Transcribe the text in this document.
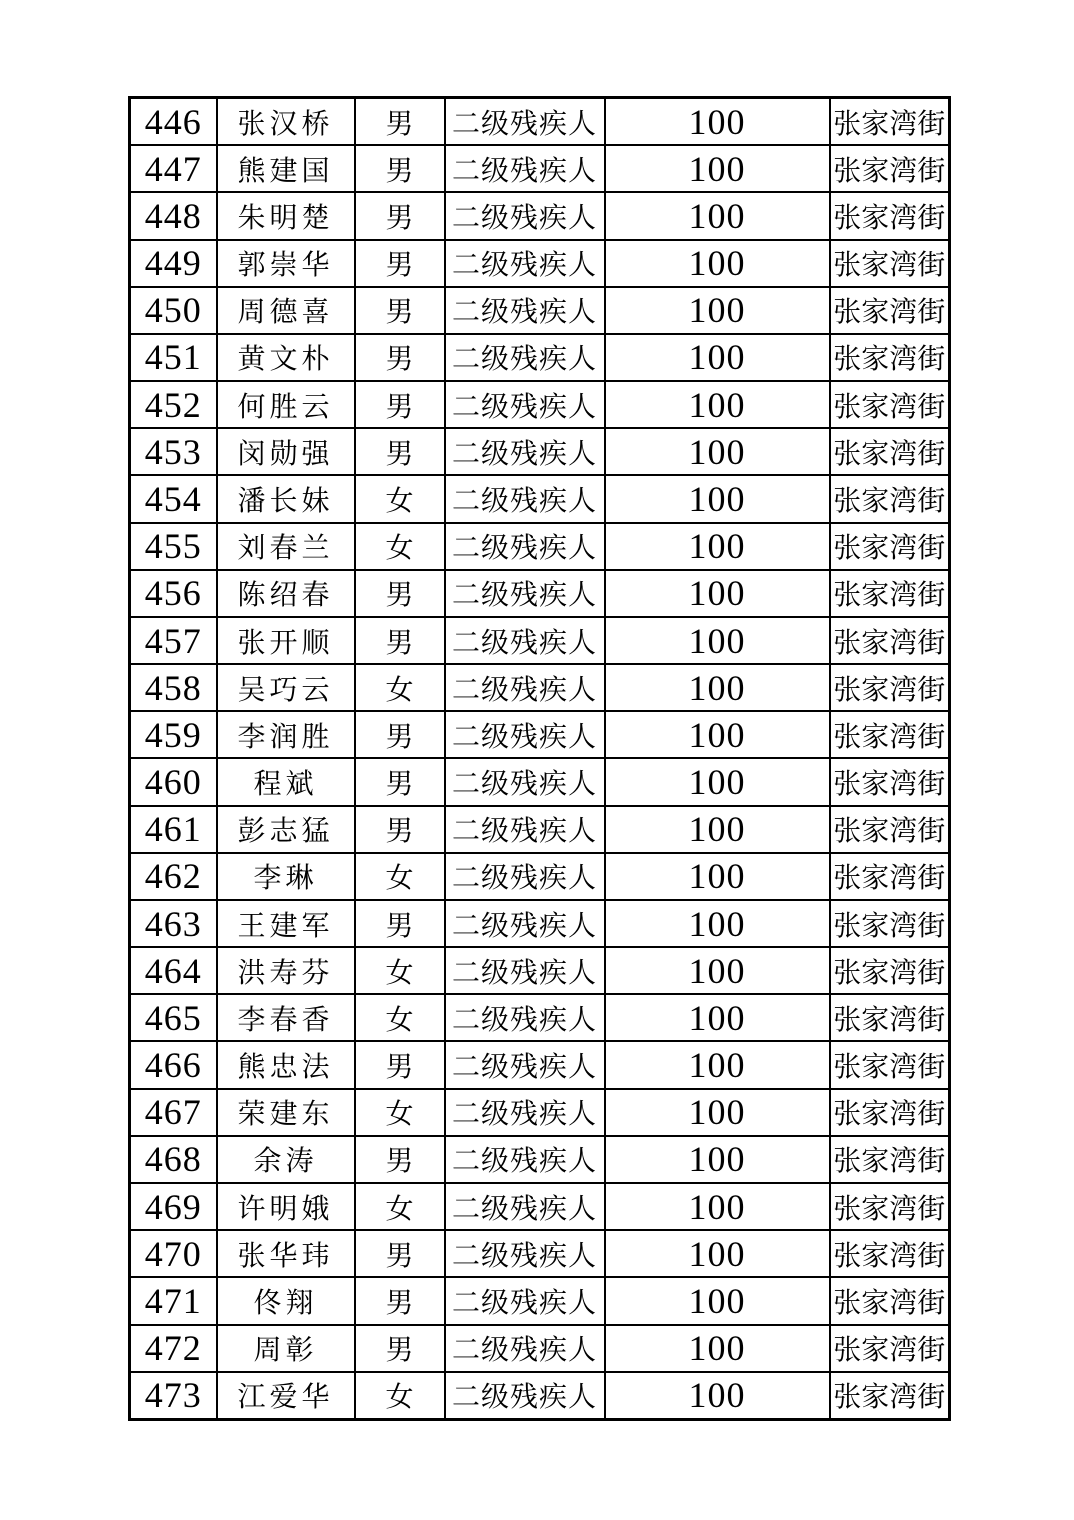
446	张汉桥	男	二级残疾人	100	张家湾街
447	熊建国	男	二级残疾人	100	张家湾街
448	朱明楚	男	二级残疾人	100	张家湾街
449	郭崇华	男	二级残疾人	100	张家湾街
450	周德喜	男	二级残疾人	100	张家湾街
451	黄文朴	男	二级残疾人	100	张家湾街
452	何胜云	男	二级残疾人	100	张家湾街
453	闵勋强	男	二级残疾人	100	张家湾街
454	潘长妹	女	二级残疾人	100	张家湾街
455	刘春兰	女	二级残疾人	100	张家湾街
456	陈绍春	男	二级残疾人	100	张家湾街
457	张开顺	男	二级残疾人	100	张家湾街
458	吴巧云	女	二级残疾人	100	张家湾街
459	李润胜	男	二级残疾人	100	张家湾街
460	程斌	男	二级残疾人	100	张家湾街
461	彭志猛	男	二级残疾人	100	张家湾街
462	李琳	女	二级残疾人	100	张家湾街
463	王建军	男	二级残疾人	100	张家湾街
464	洪寿芬	女	二级残疾人	100	张家湾街
465	李春香	女	二级残疾人	100	张家湾街
466	熊忠法	男	二级残疾人	100	张家湾街
467	荣建东	女	二级残疾人	100	张家湾街
468	余涛	男	二级残疾人	100	张家湾街
469	许明娥	女	二级残疾人	100	张家湾街
470	张华玮	男	二级残疾人	100	张家湾街
471	佟翔	男	二级残疾人	100	张家湾街
472	周彰	男	二级残疾人	100	张家湾街
473	江爱华	女	二级残疾人	100	张家湾街
